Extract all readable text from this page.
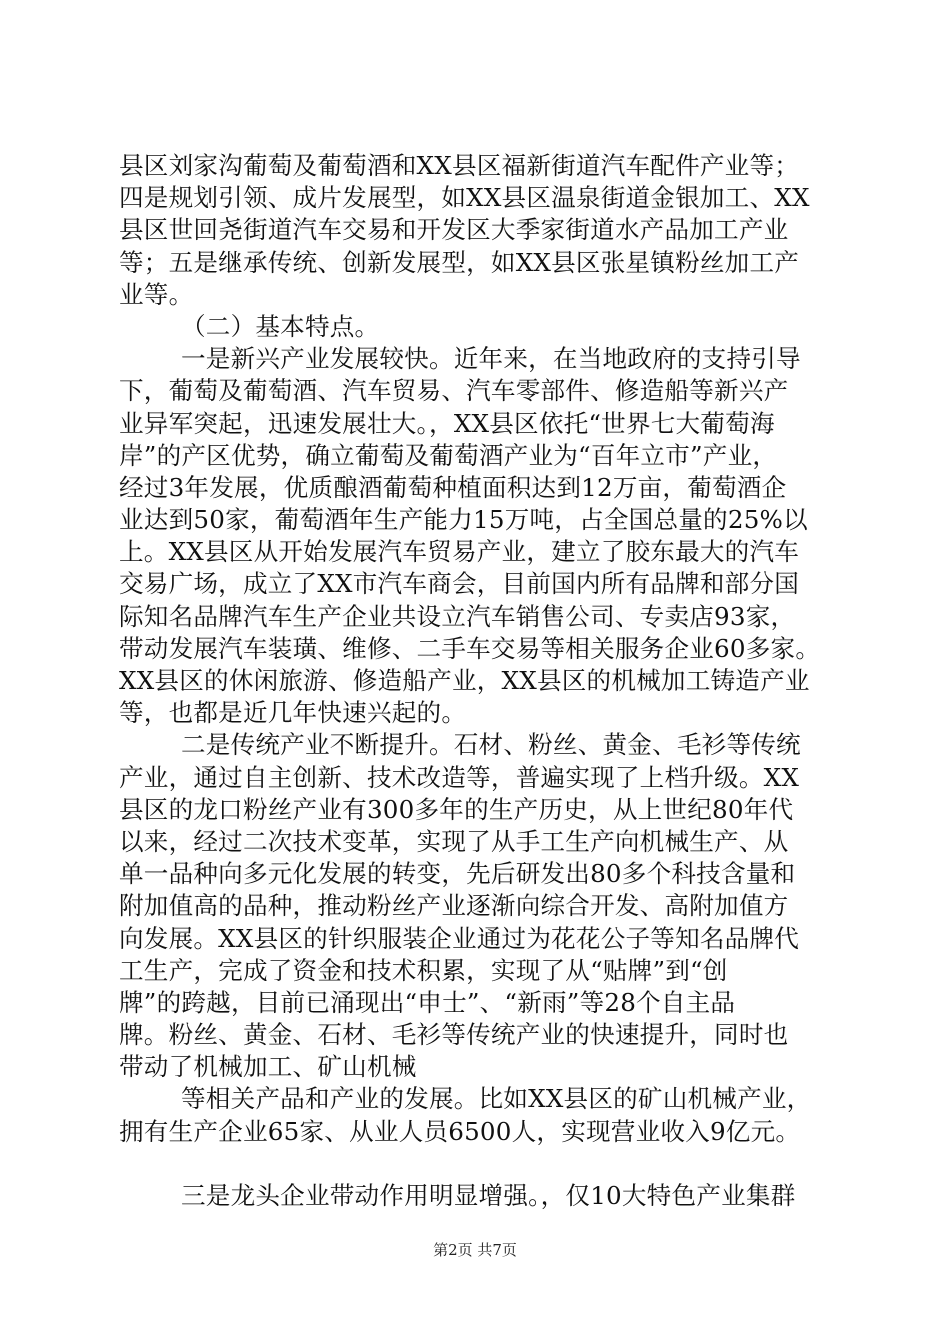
县区刘家沟葡萄及葡萄酒和XX县区福新街道汽车配件产业等；
四是规划引领、成片发展型，如XX县区温泉街道金银加工、XX
县区世回尧街道汽车交易和开发区大季家街道水产品加工产业
等；五是继承传统、创新发展型，如XX县区张星镇粉丝加工产
业等。
（二）基本特点。
一是新兴产业发展较快。近年来，在当地政府的支持引导
下，葡萄及葡萄酒、汽车贸易、汽车零部件、修造船等新兴产
业异军突起，迅速发展壮大。，XX县区依托“世界七大葡萄海
岸”的产区优势，确立葡萄及葡萄酒产业为“百年立市”产业，
经过3年发展，优质酿酒葡萄种植面积达到12万亩，葡萄酒企
业达到50家，葡萄酒年生产能力15万吨，占全国总量的25%以
上。XX县区从开始发展汽车贸易产业，建立了胶东最大的汽车
交易广场，成立了XX市汽车商会，目前国内所有品牌和部分国
际知名品牌汽车生产企业共设立汽车销售公司、专卖店93家，
带动发展汽车装璜、维修、二手车交易等相关服务企业60多家。
XX县区的休闲旅游、修造船产业，XX县区的机械加工铸造产业
等，也都是近几年快速兴起的。
二是传统产业不断提升。石材、粉丝、黄金、毛衫等传统
产业，通过自主创新、技术改造等，普遍实现了上档升级。XX
县区的龙口粉丝产业有300多年的生产历史，从上世纪80年代
以来，经过二次技术变革，实现了从手工生产向机械生产、从
单一品种向多元化发展的转变，先后研发出80多个科技含量和
附加值高的品种，推动粉丝产业逐渐向综合开发、高附加值方
向发展。XX县区的针织服装企业通过为花花公子等知名品牌代
工生产，完成了资金和技术积累，实现了从“贴牌”到“创
牌”的跨越，目前已涌现出“申士”、“新雨”等28个自主品
牌。粉丝、黄金、石材、毛衫等传统产业的快速提升，同时也
带动了机械加工、矿山机械
等相关产品和产业的发展。比如XX县区的矿山机械产业，
拥有生产企业65家、从业人员6500人，实现营业收入9亿元。
三是龙头企业带动作用明显增强。，仅10大特色产业集群
第2页 共7页
